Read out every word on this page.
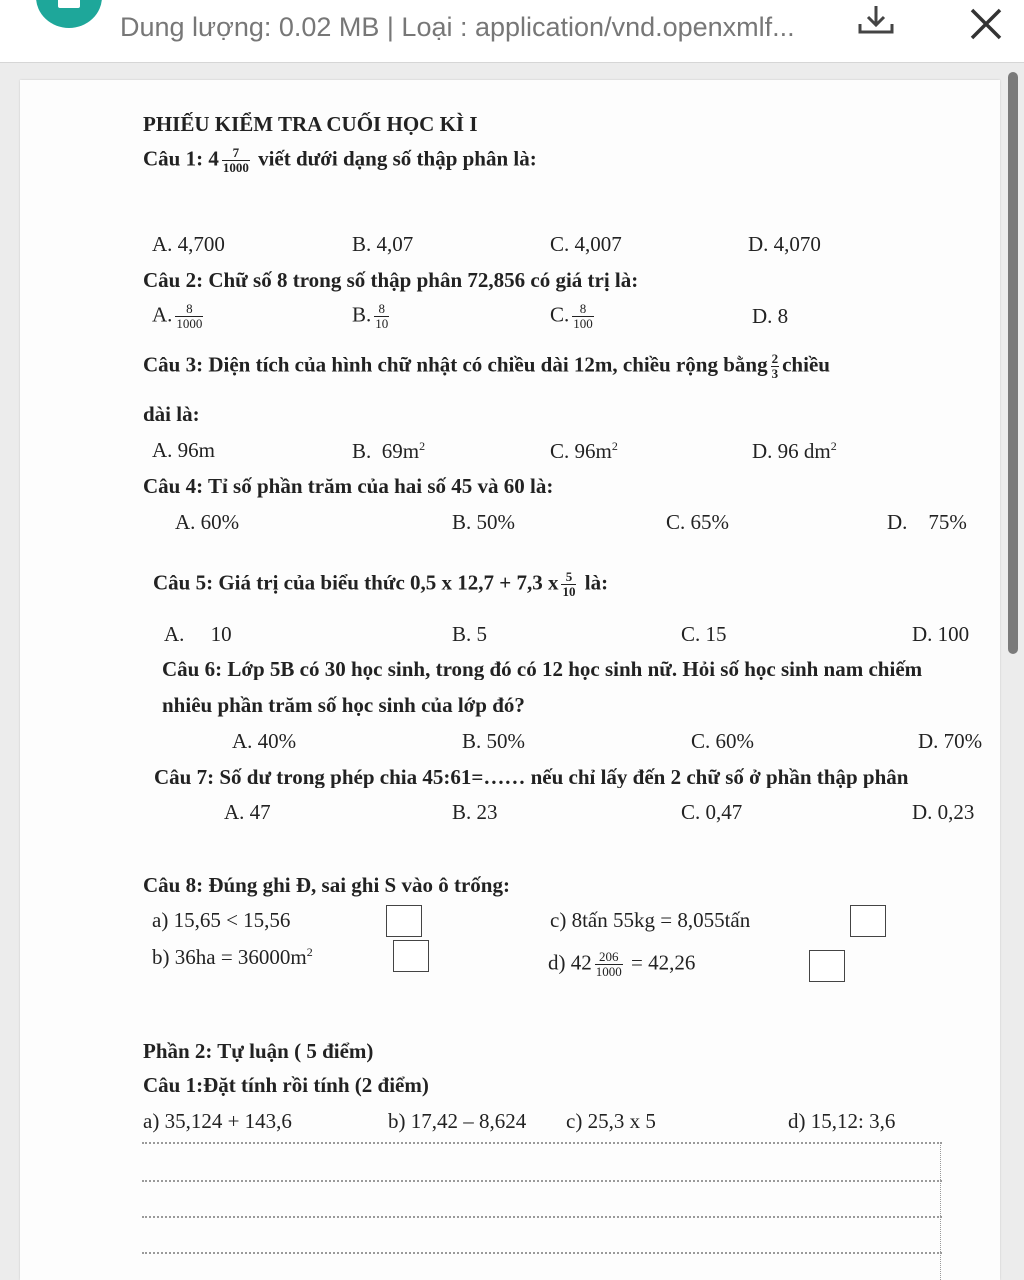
Dung lượng: 0.02 MB | Loại : application/vnd.openxmlf...
PHIẾU KIỂM TRA CUỐI HỌC KÌ I
Câu 1: $4 \frac{7}{1000}$ viết dưới dạng số thập phân là:
A. 4,700	B. 4,07	C. 4,007	D. 4,070
Câu 2: Chữ số 8 trong số thập phân 72,856 có giá trị là:
A. $\frac{8}{1000}$	B. $\frac{8}{10}$	C. $\frac{8}{100}$	D. 8
Câu 3: Diện tích của hình chữ nhật có chiều dài 12m, chiều rộng bằng $\frac{2}{3}$ chiều
dài là:
A. 96m	B. $69m^2$	C. $96m^2$	D. 96 $dm^2$
Câu 4: Tỉ số phần trăm của hai số 45 và 60 là:
A. 60%	B. 50%	C. 65%	D. 75%
Câu 5: Giá trị của biểu thức 0,5 x 12,7 + 7,3 x $\frac{5}{10}$ là:
A. 10	B. 5	C. 15	D. 100
Câu 6: Lớp 5B có 30 học sinh, trong đó có 12 học sinh nữ. Hỏi số học sinh nam chiếm
nhiêu phần trăm số học sinh của lớp đó?
A. 40%	B. 50%	C. 60%	D. 70%
Câu 7: Số dư trong phép chia 45:61=…… nếu chỉ lấy đến 2 chữ số ở phần thập phân
A. 47	B. 23	C. 0,47	D. 0,23
Câu 8: Đúng ghi Đ, sai ghi S vào ô trống:
a) 15,65 < 15,56
b) $36ha = 36000m^2$
c) 8tấn 55kg = 8,055tấn
d) $42 \frac{206}{1000} = 42,26$
Phần 2: Tự luận ( 5 điểm)
Câu 1:Đặt tính rồi tính (2 điểm)
a) 35,124 + 143,6	b) 17,42 – 8,624 c) 25,3 x 5	d) 15,12: 3,6
